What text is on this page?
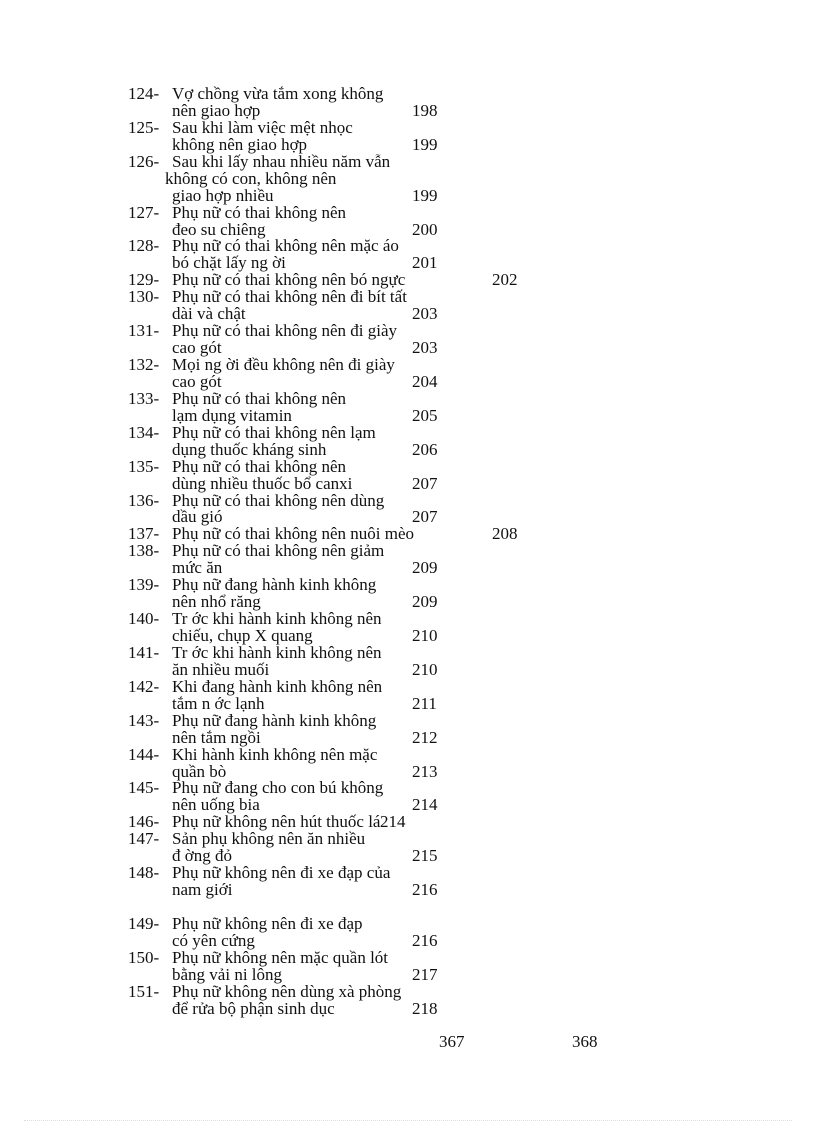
124- Vợ chồng vừa tắm xong không
nên giao hợp	198
125- Sau khi làm việc mệt nhọc
không nên giao hợp	199
126- Sau khi lấy nhau nhiều năm vẫn
không có con, không nên
giao hợp nhiều	199
127- Phụ nữ có thai không nên
đeo su chiêng	200
128- Phụ nữ có thai không nên mặc áo
bó chặt lấy ng ời	201
129- Phụ nữ có thai không nên bó ngực	202
130- Phụ nữ có thai không nên đi bít tất
dài và chật	203
131- Phụ nữ có thai không nên đi giày
cao gót	203
132- Mọi ng ời đều không nên đi giày
cao gót	204
133- Phụ nữ có thai không nên
lạm dụng vitamin	205
134- Phụ nữ có thai không nên lạm
dụng thuốc kháng sinh	206
135- Phụ nữ có thai không nên
dùng nhiều thuốc bổ canxi	207
136- Phụ nữ có thai không nên dùng
dầu gió	207
137- Phụ nữ có thai không nên nuôi mèo	208
138- Phụ nữ có thai không nên giảm
mức ăn	209
139- Phụ nữ đang hành kinh không
nên nhổ răng	209
140- Tr ớc khi hành kinh không nên
chiếu, chụp X quang	210
141- Tr ớc khi hành kinh không nên
ăn nhiều muối	210
142- Khi đang hành kinh không nên
tắm n ớc lạnh	211
143- Phụ nữ đang hành kinh không
nên tắm ngồi	212
144- Khi hành kinh không nên mặc
quần bò	213
145- Phụ nữ đang cho con bú không
nên uống bia	214
146- Phụ nữ không nên hút thuốc lá 214
147- Sản phụ không nên ăn nhiều
đ ờng đỏ	215
148- Phụ nữ không nên đi xe đạp của
nam giới	216
149- Phụ nữ không nên đi xe đạp
có yên cứng	216
150- Phụ nữ không nên mặc quần lót
bằng vải ni lông	217
151- Phụ nữ không nên dùng xà phòng
để rửa bộ phận sinh dục	218
367	368
